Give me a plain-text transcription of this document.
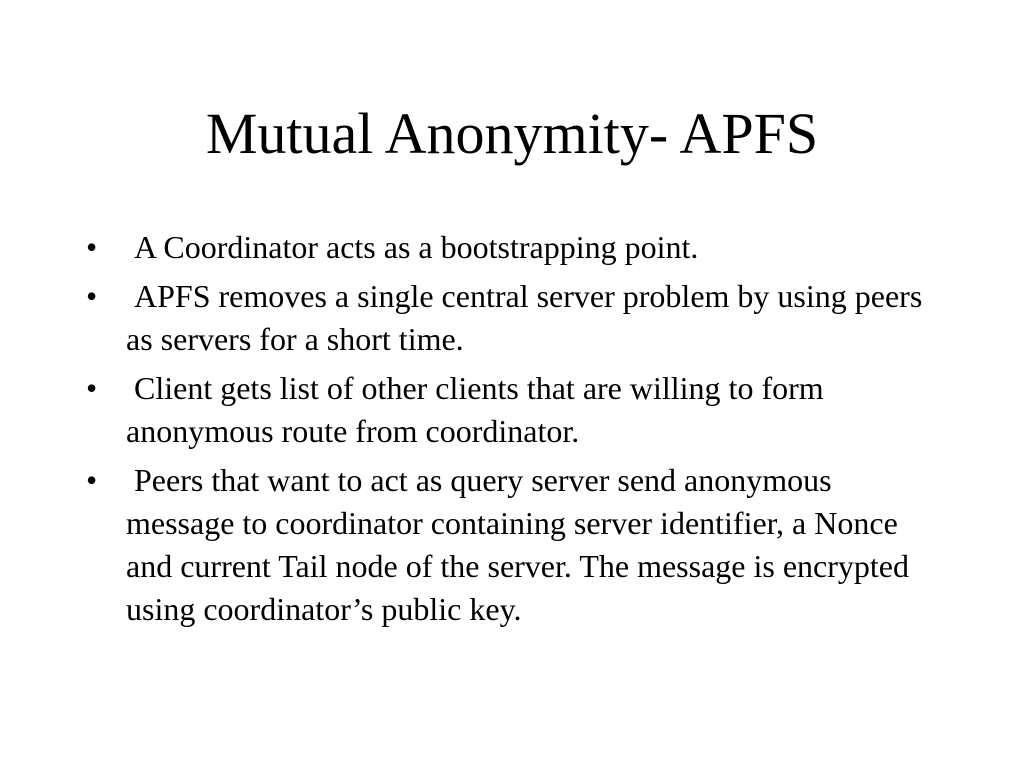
Mutual Anonymity- APFS
• A Coordinator acts as a bootstrapping point.
• APFS removes a single central server problem by using peers as servers for a short time.
• Client gets list of other clients that are willing to form anonymous route from coordinator.
• Peers that want to act as query server send anonymous message to coordinator containing server identifier, a Nonce and current Tail node of the server. The message is encrypted using coordinator’s public key.
